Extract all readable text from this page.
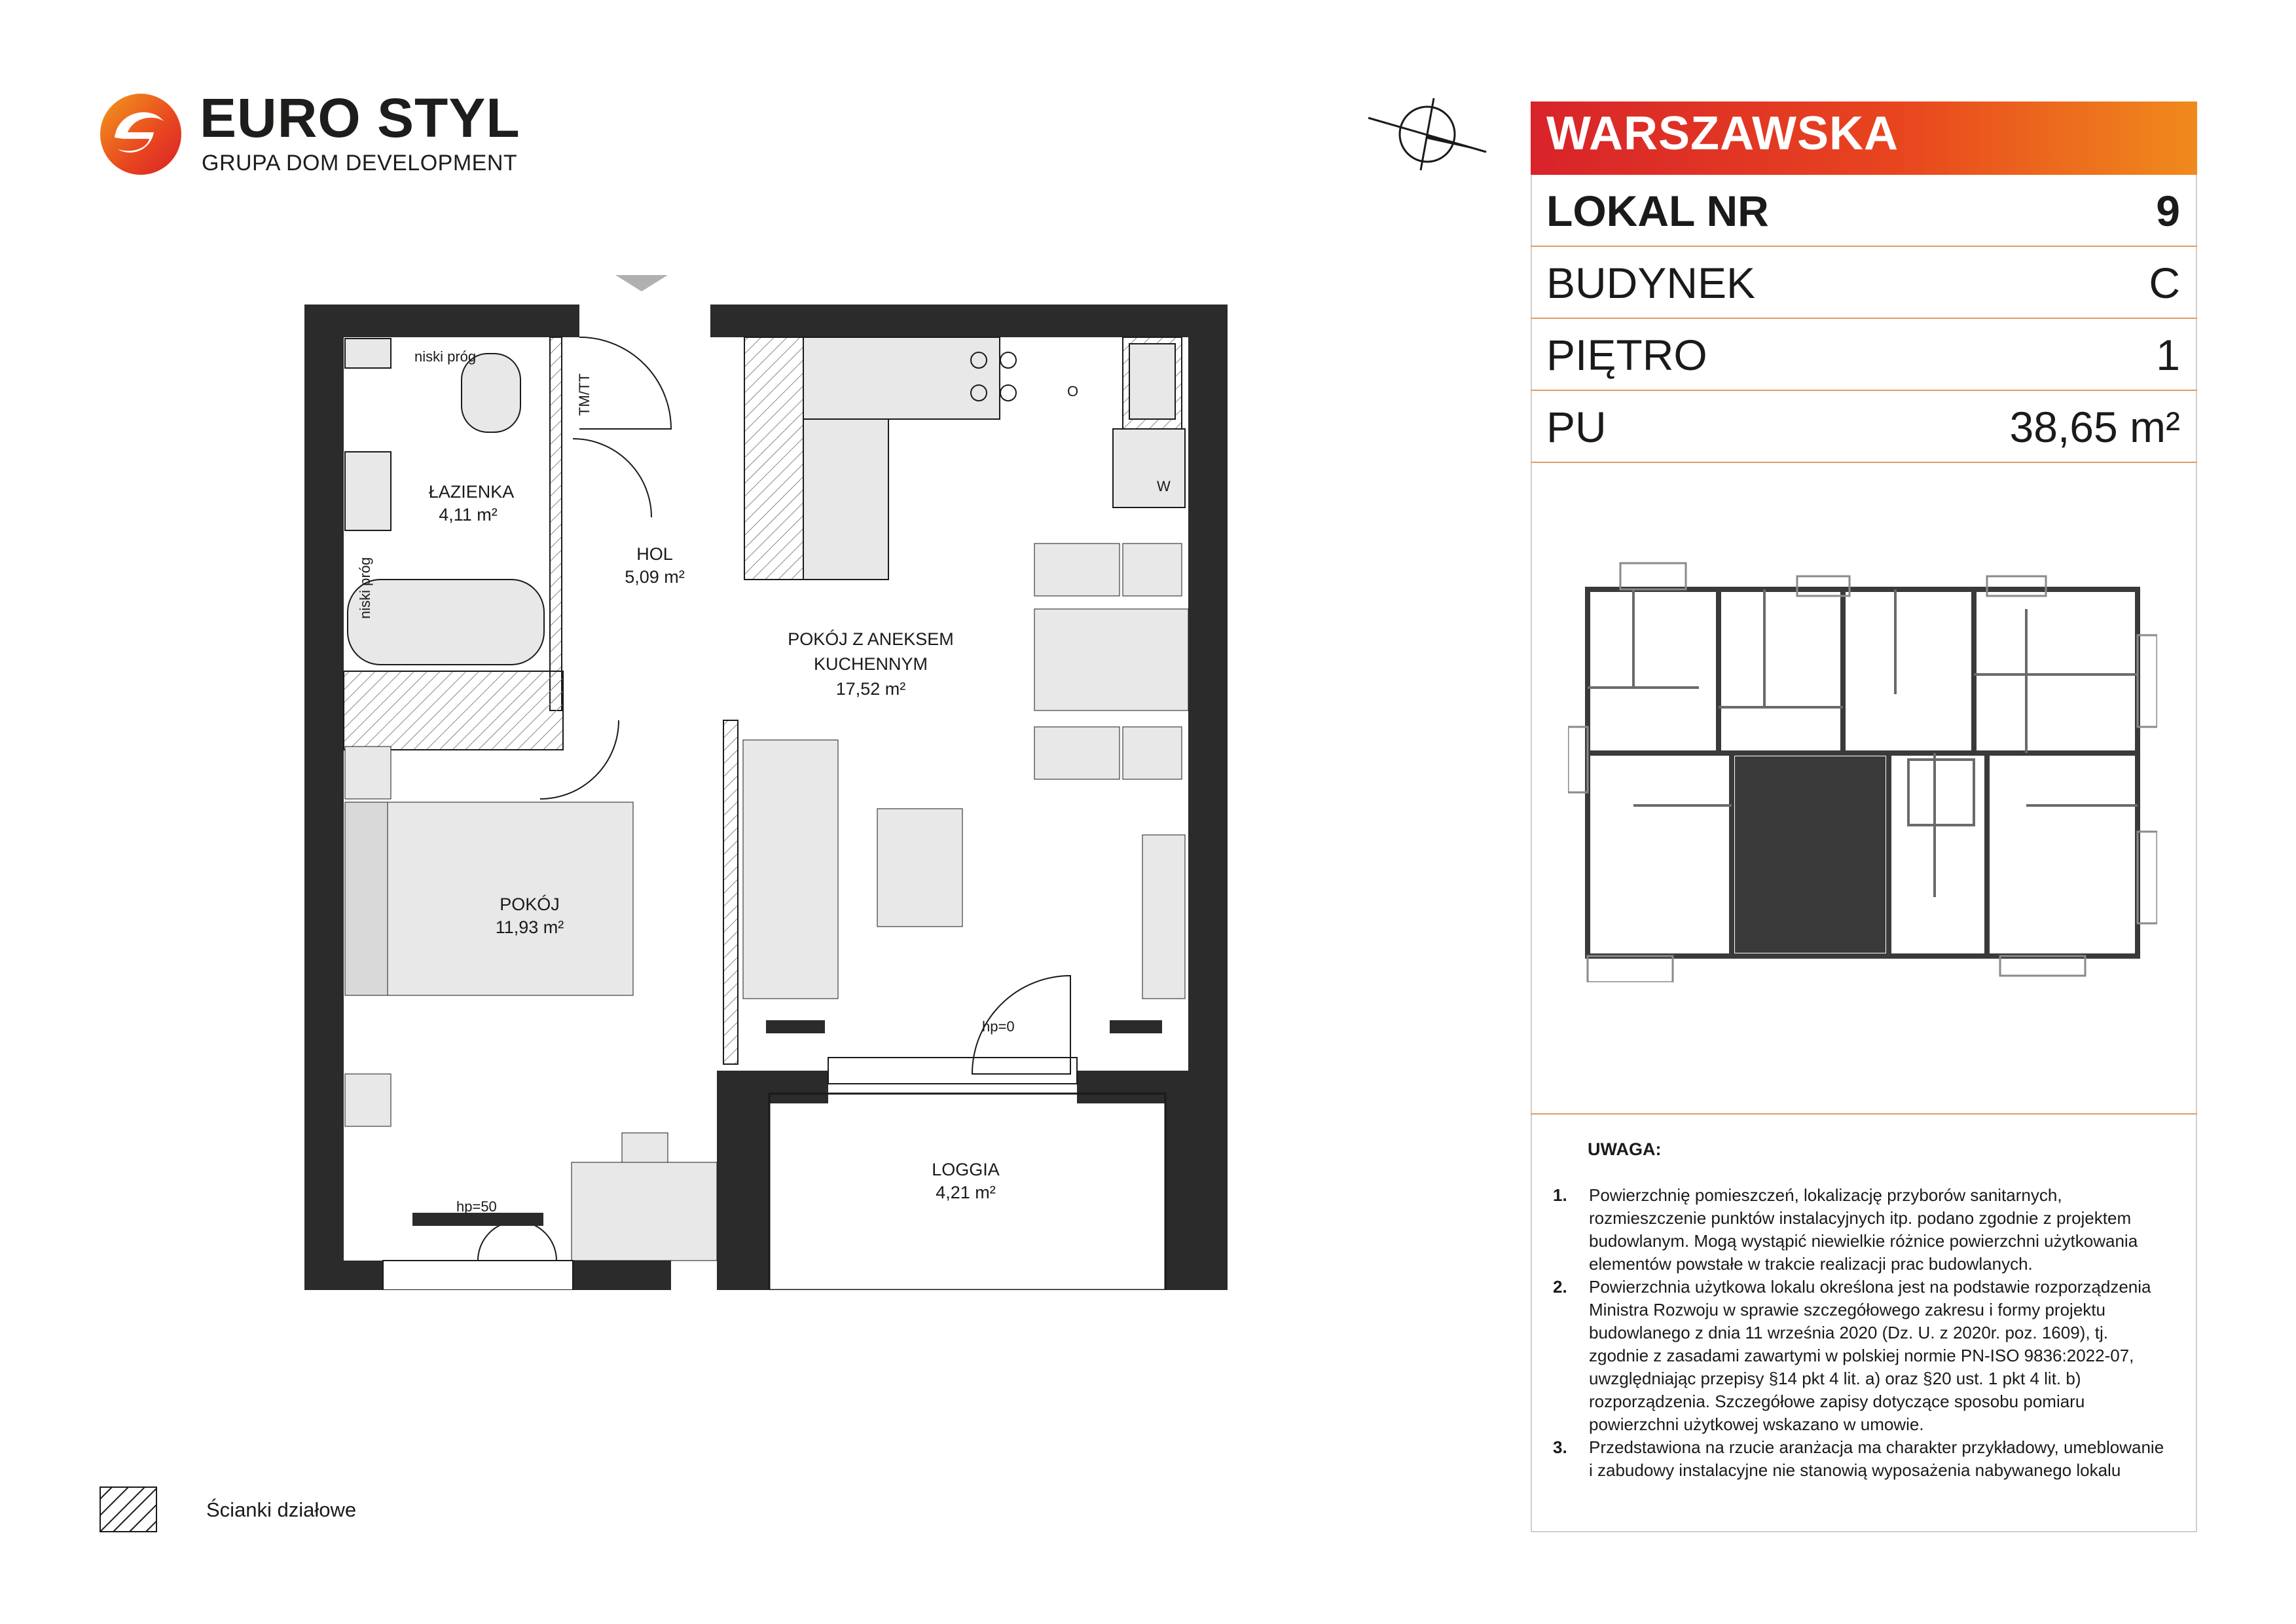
EURO STYL
GRUPA DOM DEVELOPMENT
WARSZAWSKA
LOKAL NR	9
BUDYNEK	C
PIĘTRO	1
PU	38,65 m²
UWAGA:
1. Powierzchnię pomieszczeń, lokalizację przyborów sanitarnych, rozmieszczenie punktów instalacyjnych itp. podano zgodnie z projektem budowlanym. Mogą wystąpić niewielkie różnice powierzchni użytkowania elementów powstałe w trakcie realizacji prac budowlanych.
2. Powierzchnia użytkowa lokalu określona jest na podstawie rozporządzenia Ministra Rozwoju w sprawie szczegółowego zakresu i formy projektu budowlanego z dnia 11 września 2020 (Dz. U. z 2020r. poz. 1609), tj. zgodnie z zasadami zawartymi w polskiej normie PN-ISO 9836:2022-07, uwzględniając przepisy §14 pkt 4 lit. a) oraz §20 ust. 1 pkt 4 lit. b) rozporządzenia. Szczegółowe zapisy dotyczące sposobu pomiaru powierzchni użytkowej wskazano w umowie.
3. Przedstawiona na rzucie aranżacja ma charakter przykładowy, umeblowanie i zabudowy instalacyjne nie stanowią wyposażenia nabywanego lokalu
Ścianki działowe
ŁAZIENKA
4,11 m²
HOL
5,09 m²
POKÓJ Z ANEKSEM
KUCHENNYM
17,52 m²
POKÓJ
11,93 m²
LOGGIA
4,21 m²
niski próg
niski próg
TM/TT	O
W
hp=0
hp=50
